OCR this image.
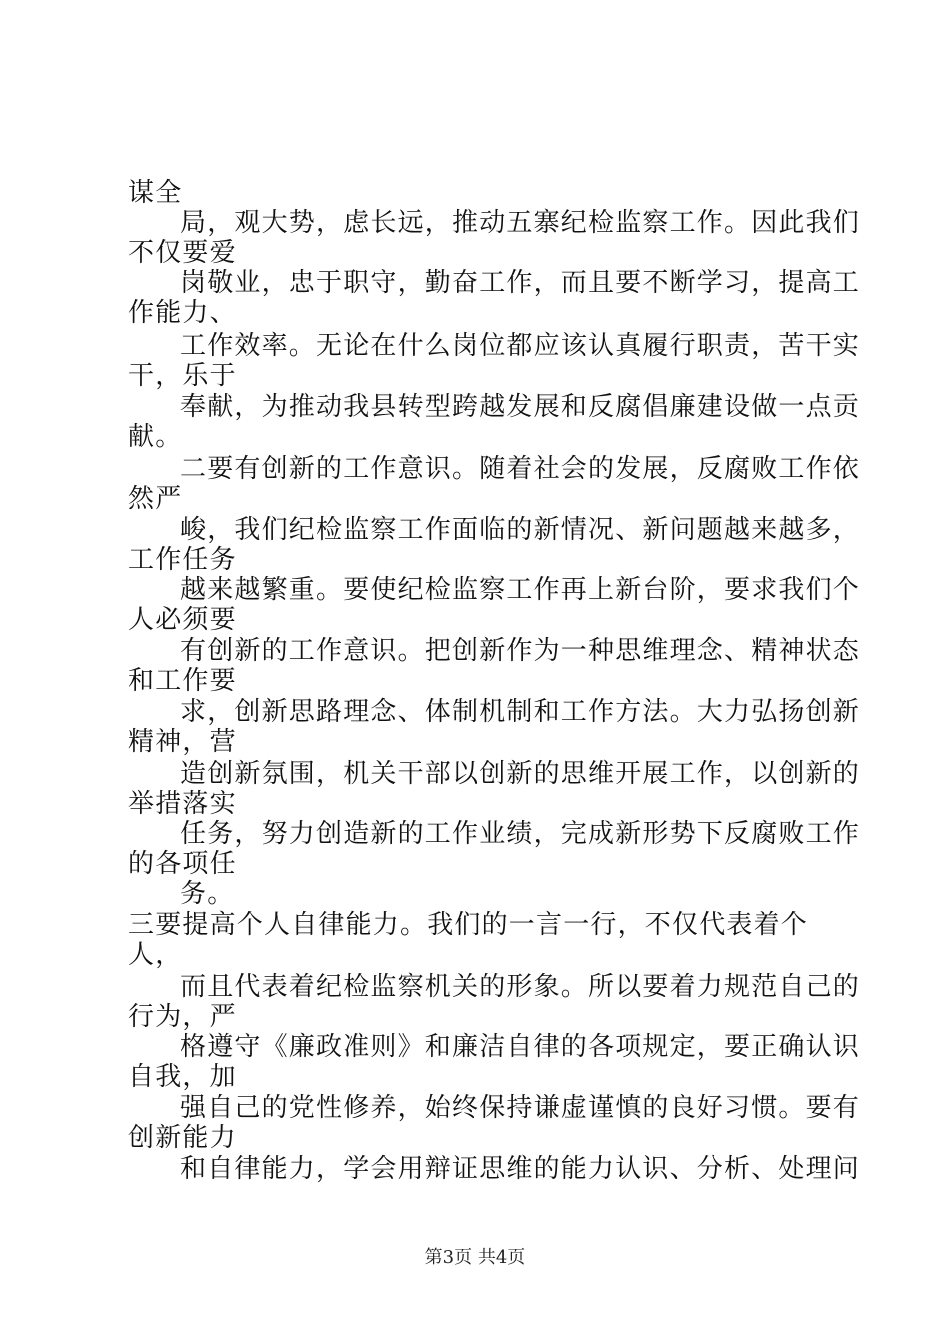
谋全
局，观大势，虑长远，推动五寨纪检监察工作。因此我们
不仅要爱
岗敬业，忠于职守，勤奋工作，而且要不断学习，提高工
作能力、
工作效率。无论在什么岗位都应该认真履行职责，苦干实
干，乐于
奉献，为推动我县转型跨越发展和反腐倡廉建设做一点贡
献。
二要有创新的工作意识。随着社会的发展，反腐败工作依
然严
峻，我们纪检监察工作面临的新情况、新问题越来越多，
工作任务
越来越繁重。要使纪检监察工作再上新台阶，要求我们个
人必须要
有创新的工作意识。把创新作为一种思维理念、精神状态
和工作要
求，创新思路理念、体制机制和工作方法。大力弘扬创新
精神，营
造创新氛围，机关干部以创新的思维开展工作，以创新的
举措落实
任务，努力创造新的工作业绩，完成新形势下反腐败工作
的各项任
务。
三要提高个人自律能力。我们的一言一行，不仅代表着个
人，
而且代表着纪检监察机关的形象。所以要着力规范自己的
行为，严
格遵守《廉政准则》和廉洁自律的各项规定，要正确认识
自我，加
强自己的党性修养，始终保持谦虚谨慎的良好习惯。要有
创新能力
和自律能力，学会用辩证思维的能力认识、分析、处理问
第3页 共4页
